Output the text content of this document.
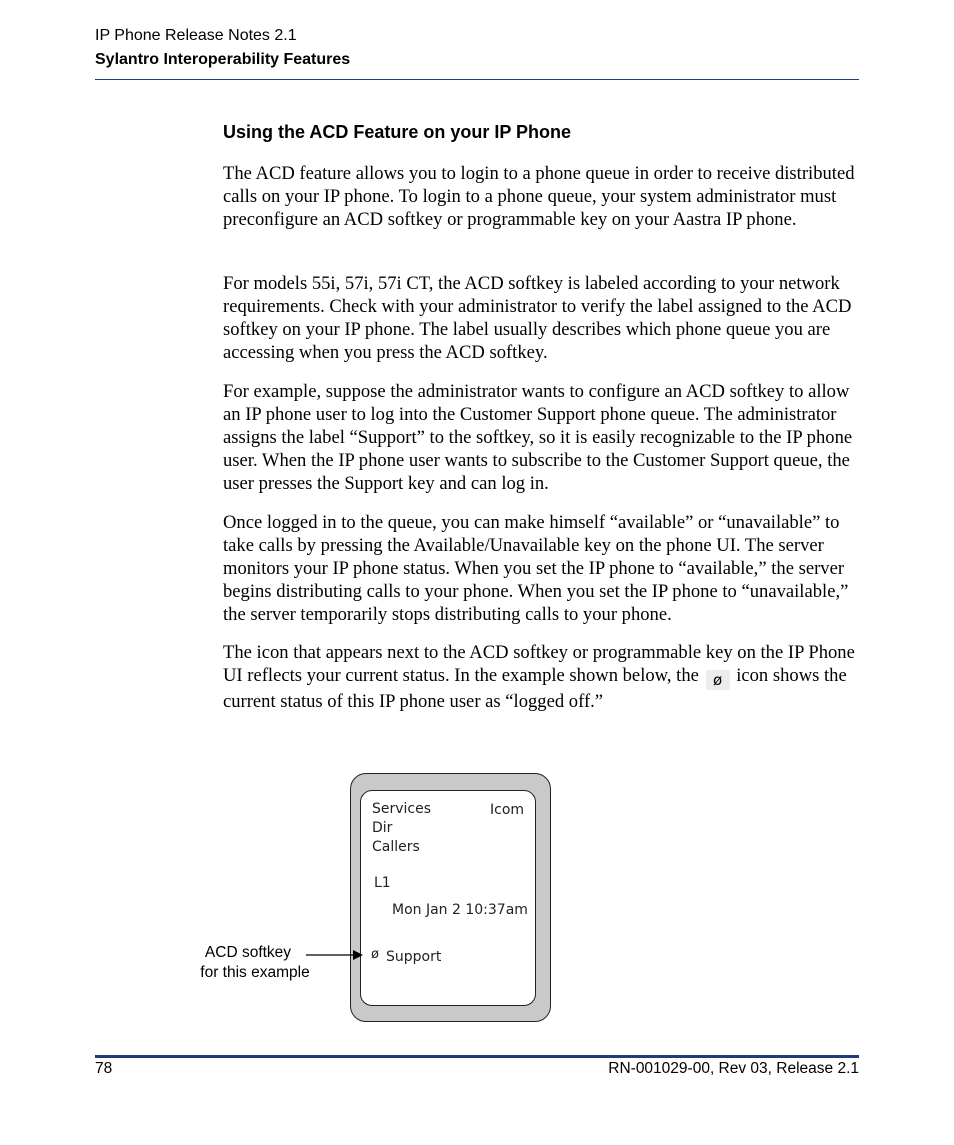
IP Phone Release Notes 2.1
Sylantro Interoperability Features
Using the ACD Feature on your IP Phone

The ACD feature allows you to login to a phone queue in order to receive distributed calls on your IP phone. To login to a phone queue, your system administrator must preconfigure an ACD softkey or programmable key on your Aastra IP phone.

For models 55i, 57i, 57i CT, the ACD softkey is labeled according to your network requirements. Check with your administrator to verify the label assigned to the ACD softkey on your IP phone. The label usually describes which phone queue you are accessing when you press the ACD softkey.

For example, suppose the administrator wants to configure an ACD softkey to allow an IP phone user to log into the Customer Support phone queue. The administrator assigns the label “Support” to the softkey, so it is easily recognizable to the IP phone user. When the IP phone user wants to subscribe to the Customer Support queue, the user presses the Support key and can log in.

Once logged in to the queue, you can make himself “available” or “unavailable” to take calls by pressing the Available/Unavailable key on the phone UI. The server monitors your IP phone status. When you set the IP phone to “available,” the server begins distributing calls to your phone. When you set the IP phone to “unavailable,” the server temporarily stops distributing calls to your phone.

The icon that appears next to the ACD softkey or programmable key on the IP Phone UI reflects your current status. In the example shown below, the ø icon shows the current status of this IP phone user as “logged off.”

Services	Icom
Dir
Callers
L1
Mon Jan 2 10:37am
ø Support
ACD softkey
for this example
78	RN-001029-00, Rev 03, Release 2.1
